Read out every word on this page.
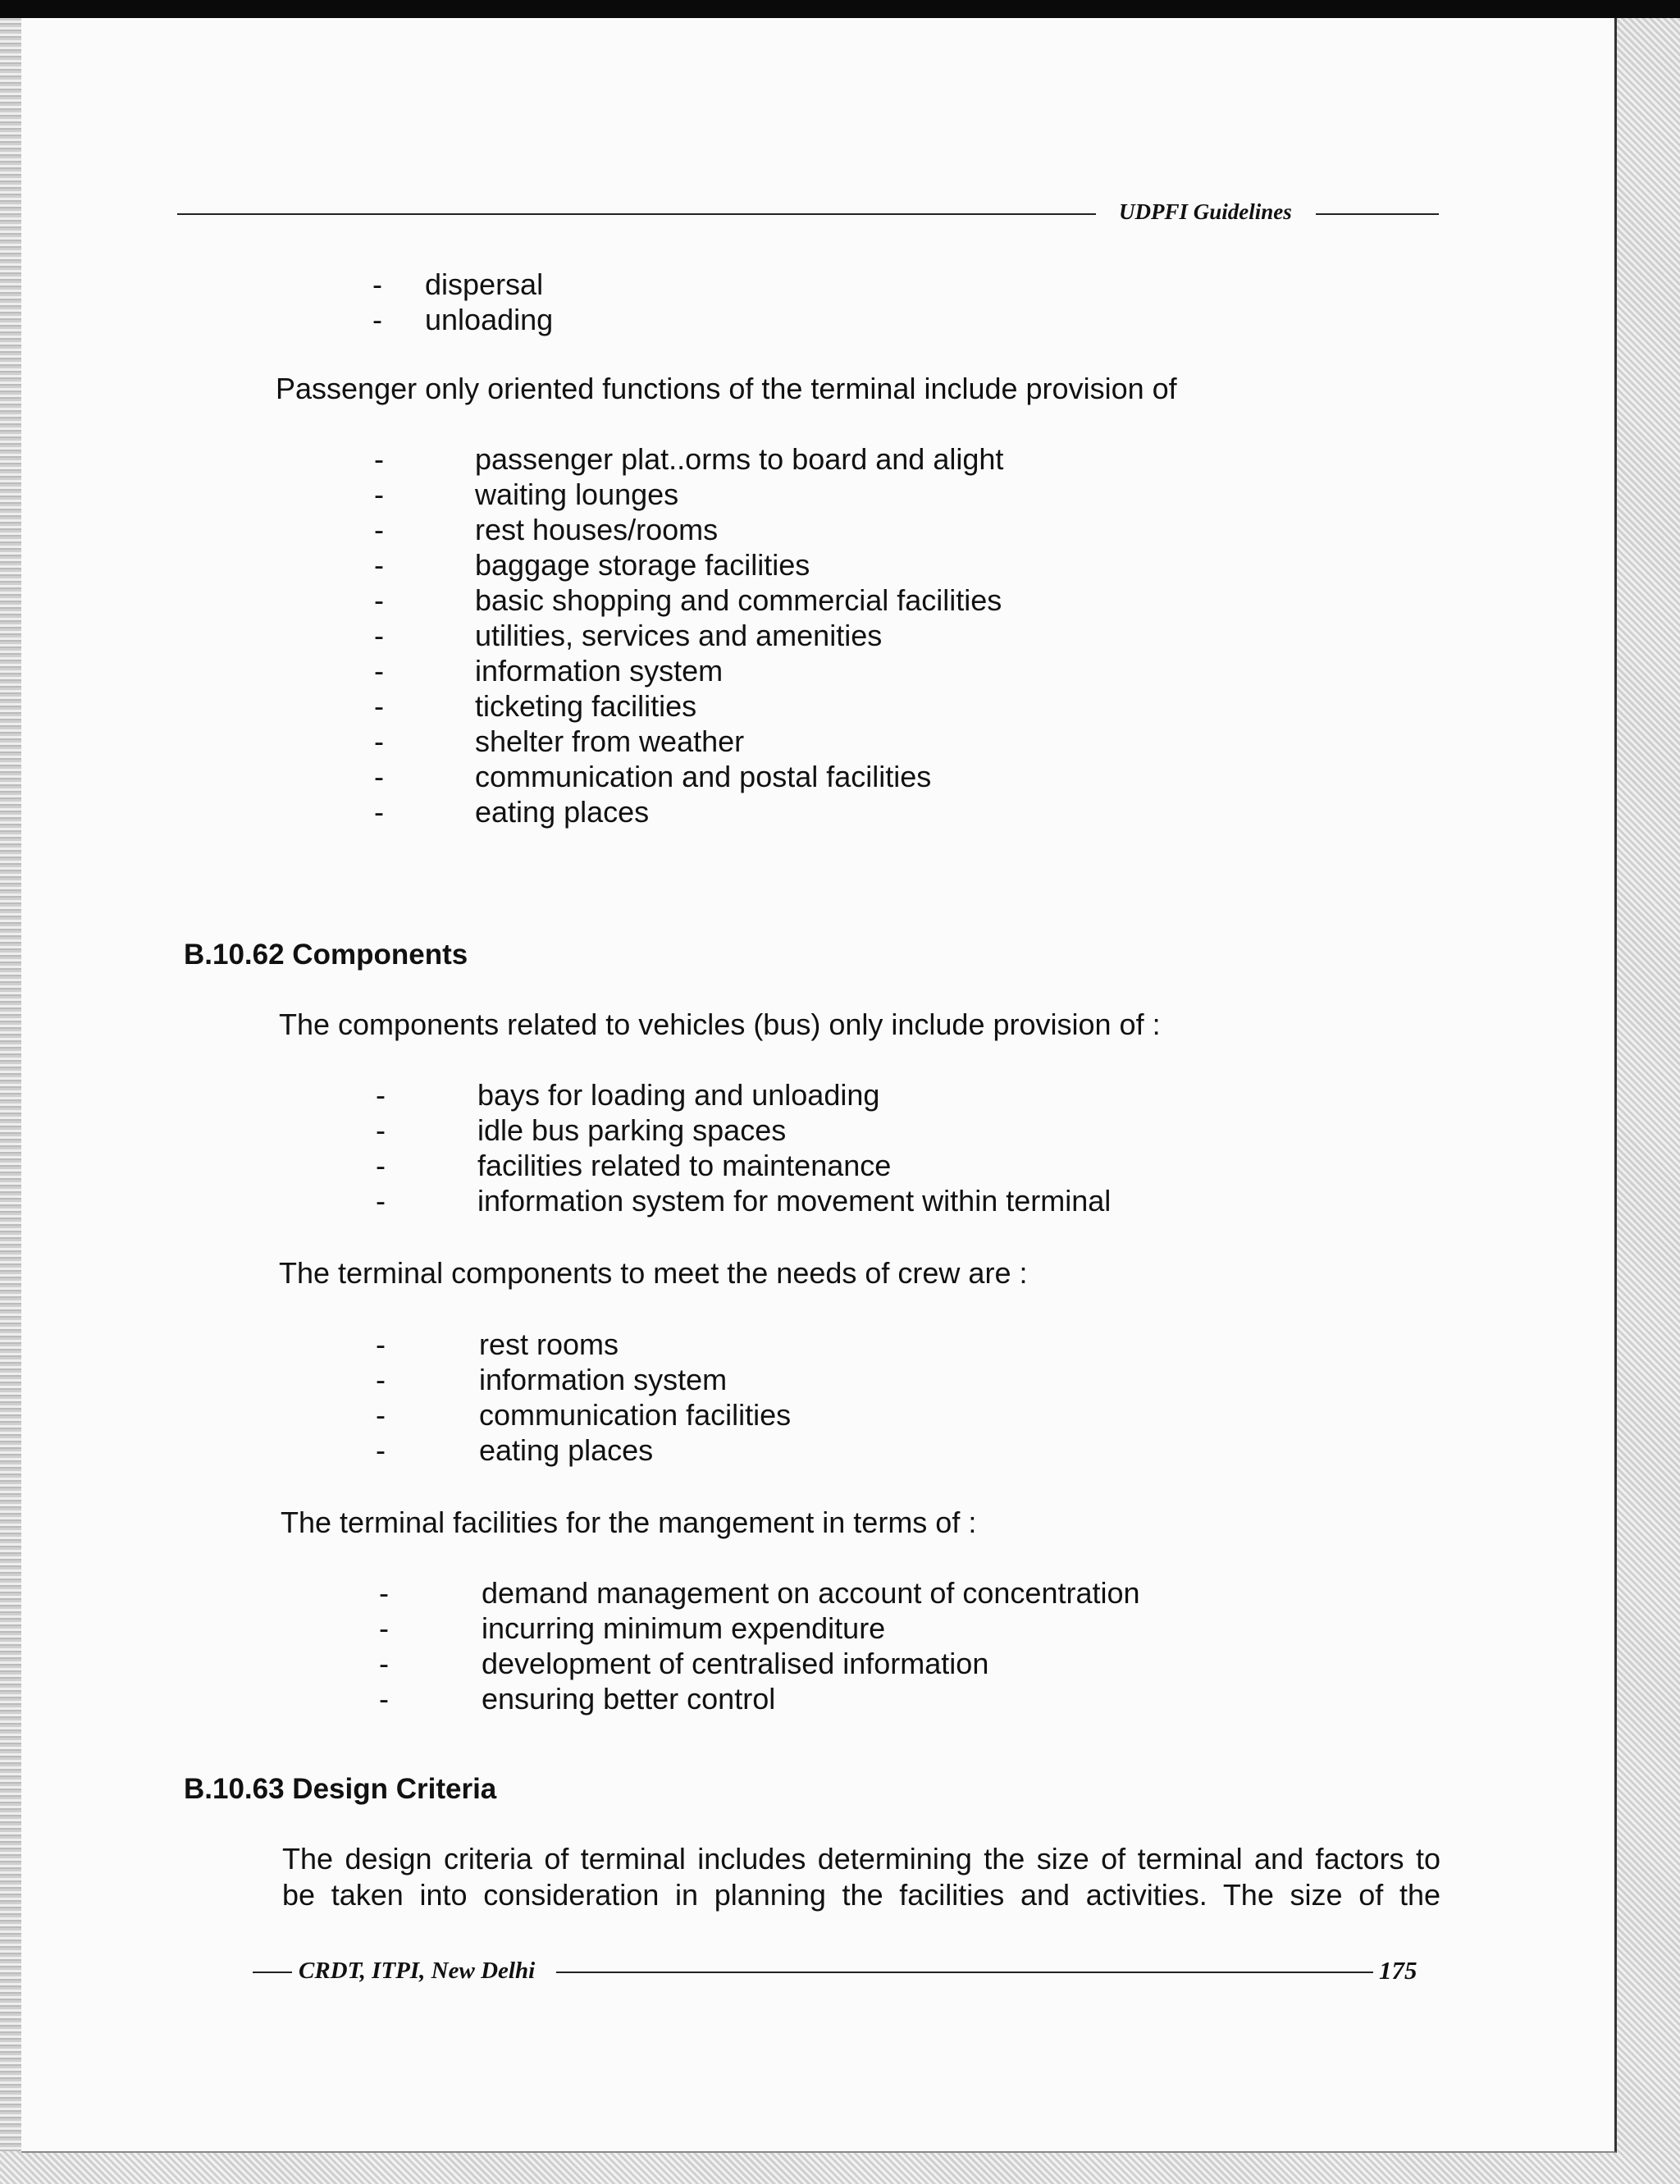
UDPFI Guidelines
- dispersal
- unloading
Passenger only oriented functions of the terminal include provision of
-	passenger plat..orms to board and alight
-	waiting lounges
-	rest houses/rooms
-	baggage storage facilities
-	basic shopping and commercial facilities
-	utilities, services and amenities
-	information system
-	ticketing facilities
-	shelter from weather
-	communication and postal facilities
-	eating places
B.10.62 Components
The components related to vehicles (bus) only include provision of :
-	bays for loading and unloading
-	idle bus parking spaces
-	facilities related to maintenance
-	information system for movement within terminal
The terminal components to meet the needs of crew are :
-	rest rooms
-	information system
-	communication facilities
-	eating places
The terminal facilities for the mangement in terms of :
-	demand management on account of concentration
-	incurring minimum expenditure
-	development of centralised information
-	ensuring better control
B.10.63 Design Criteria
The design criteria of terminal includes determining the size of terminal and factors to
be taken into consideration in planning the facilities and activities. The size of the
CRDT, ITPI, New Delhi	175
